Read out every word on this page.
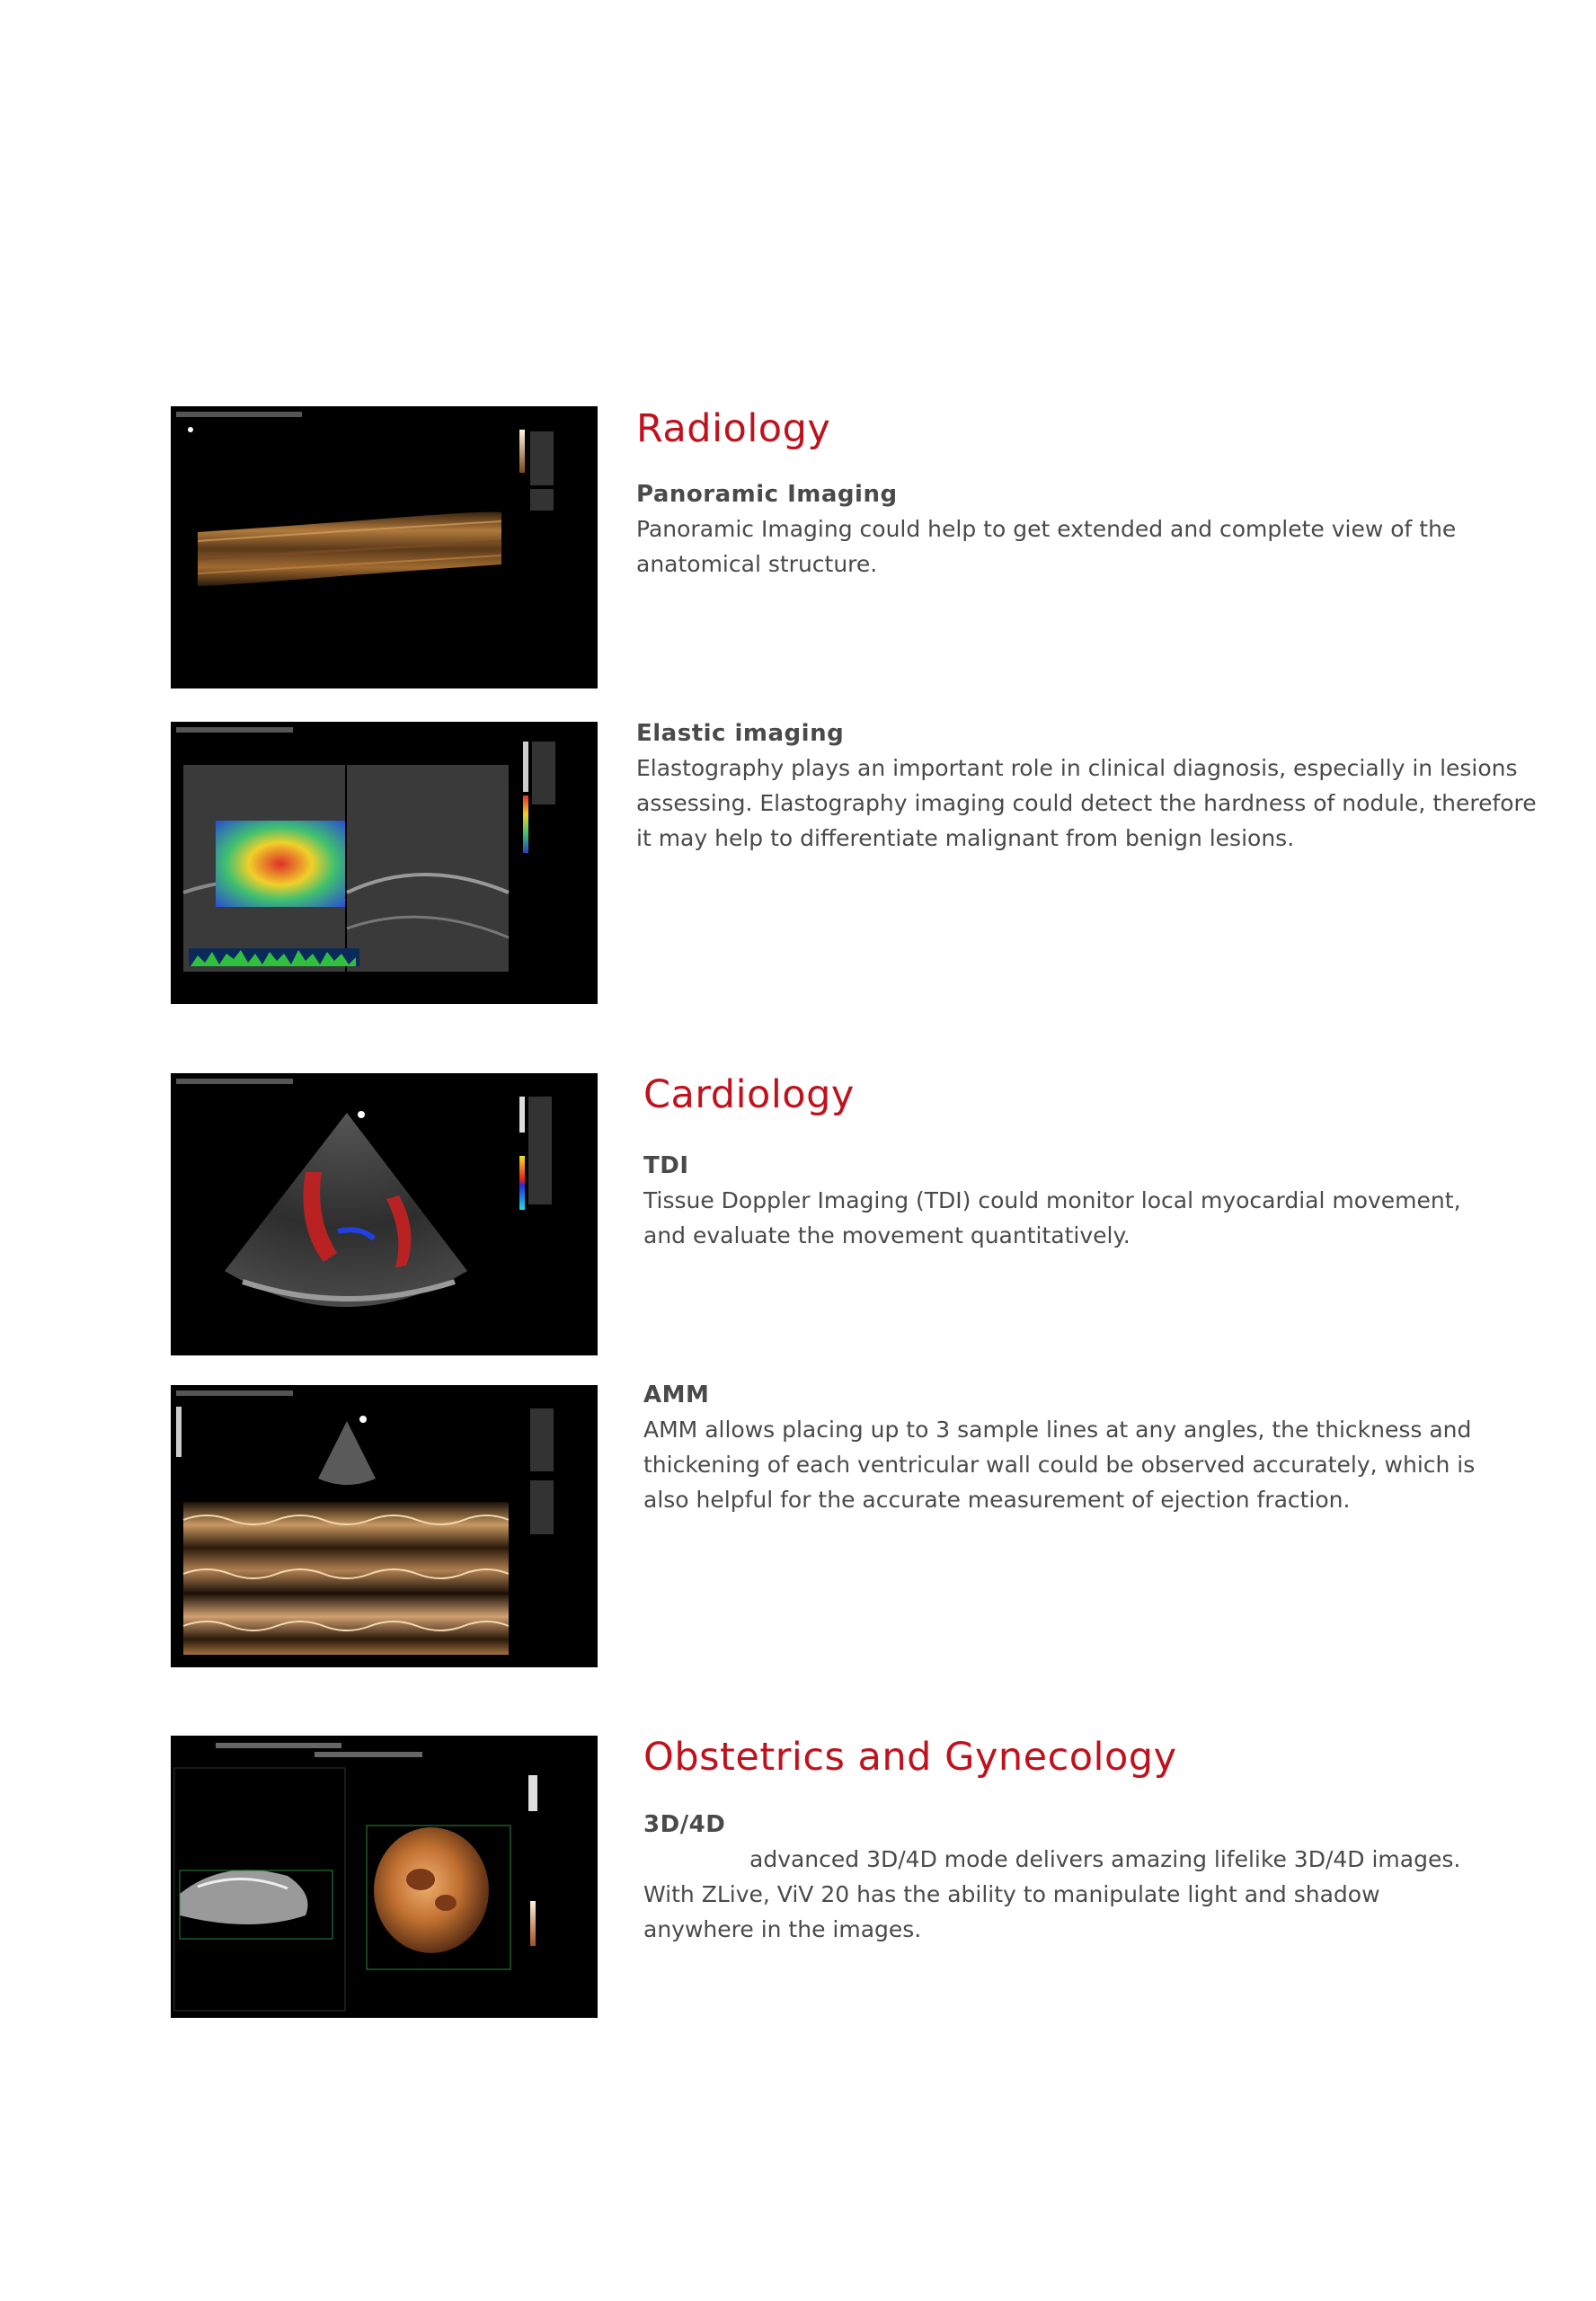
Radiology
Panoramic Imaging

Panoramic Imaging could help to get extended and complete view of the
anatomical structure.

Elastic imaging

Elastography plays an important role in clinical diagnosis, especially in lesions
assessing. Elastography imaging could detect the hardness of nodule, therefore
it may help to differentiate malignant from benign lesions.

Cardiology
TDI

Tissue Doppler Imaging (TDI) could monitor local myocardial movement,
and evaluate the movement quantitatively.

AMM

AMM allows placing up to 3 sample lines at any angles, the thickness and
thickening of each ventricular wall could be observed accurately, which is
also helpful for the accurate measurement of ejection fraction.

Obstetrics and Gynecology
3D/4D

advanced 3D/4D mode delivers amazing lifelike 3D/4D images.
With ZLive, ViV 20 has the ability to manipulate light and shadow
anywhere in the images.
